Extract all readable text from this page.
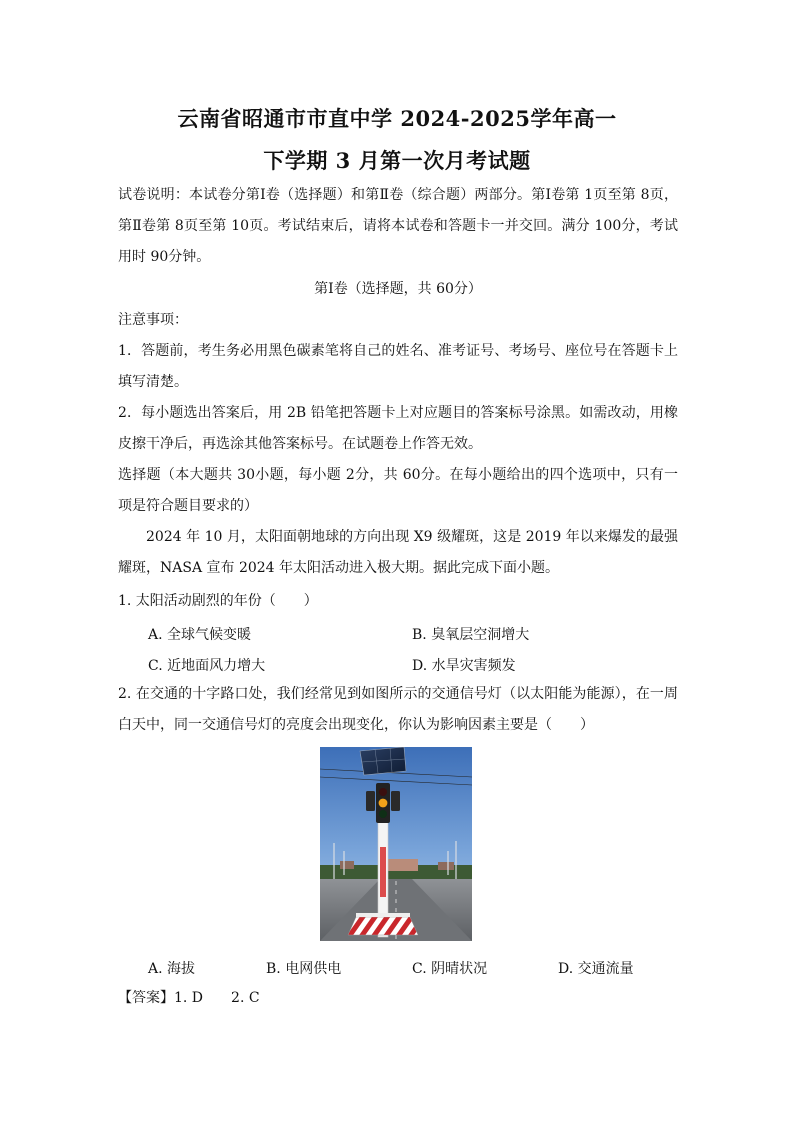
云南省昭通市市直中学 2024-2025学年高一
下学期 3 月第一次月考试题
试卷说明：本试卷分第Ⅰ卷（选择题）和第Ⅱ卷（综合题）两部分。第Ⅰ卷第 1页至第 8页，第Ⅱ卷第 8页至第 10页。考试结束后，请将本试卷和答题卡一并交回。满分 100分，考试用时 90分钟。
第Ⅰ卷（选择题，共 60分）
注意事项：
1．答题前，考生务必用黑色碳素笔将自己的姓名、准考证号、考场号、座位号在答题卡上填写清楚。
2．每小题选出答案后，用 2B 铅笔把答题卡上对应题目的答案标号涂黑。如需改动，用橡皮擦干净后，再选涂其他答案标号。在试题卷上作答无效。
选择题（本大题共 30小题，每小题 2分，共 60分。在每小题给出的四个选项中，只有一项是符合题目要求的）
2024 年 10 月，太阳面朝地球的方向出现 X9 级耀斑，这是 2019 年以来爆发的最强耀斑，NASA 宣布 2024 年太阳活动进入极大期。据此完成下面小题。
1. 太阳活动剧烈的年份（　　）
A. 全球气候变暖	B. 臭氧层空洞增大
C. 近地面风力增大	D. 水旱灾害频发
2. 在交通的十字路口处，我们经常见到如图所示的交通信号灯（以太阳能为能源），在一周白天中，同一交通信号灯的亮度会出现变化，你认为影响因素主要是（　　）
A. 海拔	B. 电网供电	C. 阴晴状况	D. 交通流量
【答案】1. D 2. C
